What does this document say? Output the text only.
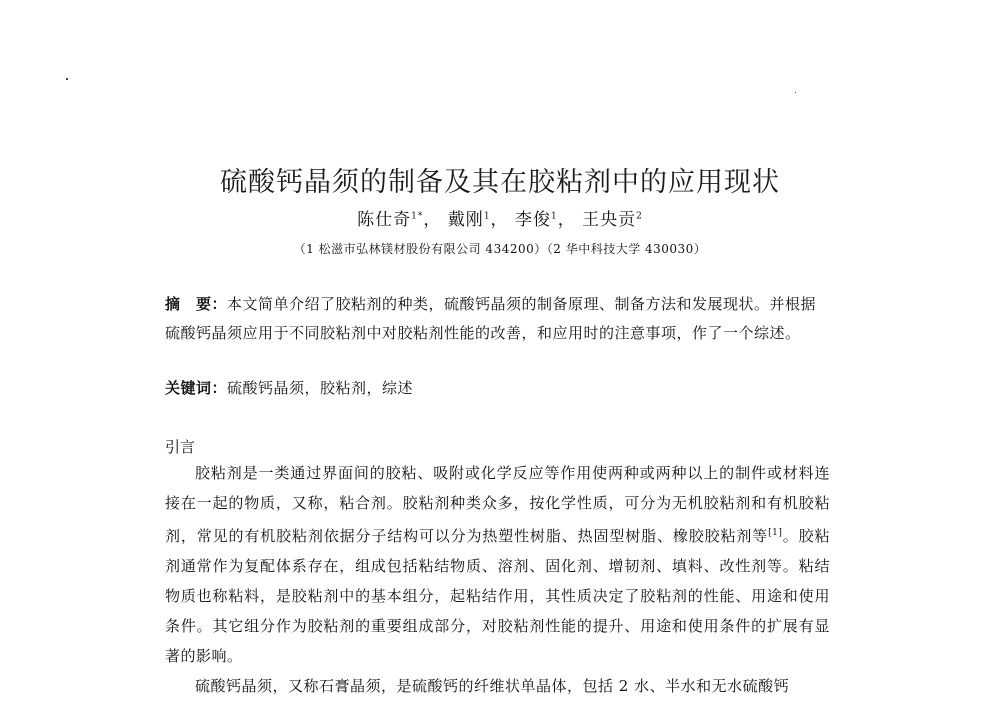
硫酸钙晶须的制备及其在胶粘剂中的应用现状
陈仕奇$^{1*}$， 戴刚$^1$， 李俊$^1$， 王央贡$^2$
（1 松滋市弘林镁材股份有限公司 434200）（2 华中科技大学 430030）
摘　要：本文简单介绍了胶粘剂的种类，硫酸钙晶须的制备原理、制备方法和发展现状。并根据硫酸钙晶须应用于不同胶粘剂中对胶粘剂性能的改善，和应用时的注意事项，作了一个综述。
关键词：硫酸钙晶须，胶粘剂，综述
引言

胶粘剂是一类通过界面间的胶粘、吸附或化学反应等作用使两种或两种以上的制件或材料连接在一起的物质，又称，粘合剂。胶粘剂种类众多，按化学性质，可分为无机胶粘剂和有机胶粘剂，常见的有机胶粘剂依据分子结构可以分为热塑性树脂、热固型树脂、橡胶胶粘剂等[1]。胶粘剂通常作为复配体系存在，组成包括粘结物质、溶剂、固化剂、增韧剂、填料、改性剂等。粘结物质也称粘料，是胶粘剂中的基本组分，起粘结作用，其性质决定了胶粘剂的性能、用途和使用条件。其它组分作为胶粘剂的重要组成部分，对胶粘剂性能的提升、用途和使用条件的扩展有显著的影响。

硫酸钙晶须，又称石膏晶须，是硫酸钙的纤维状单晶体，包括 2 水、半水和无水硫酸钙
